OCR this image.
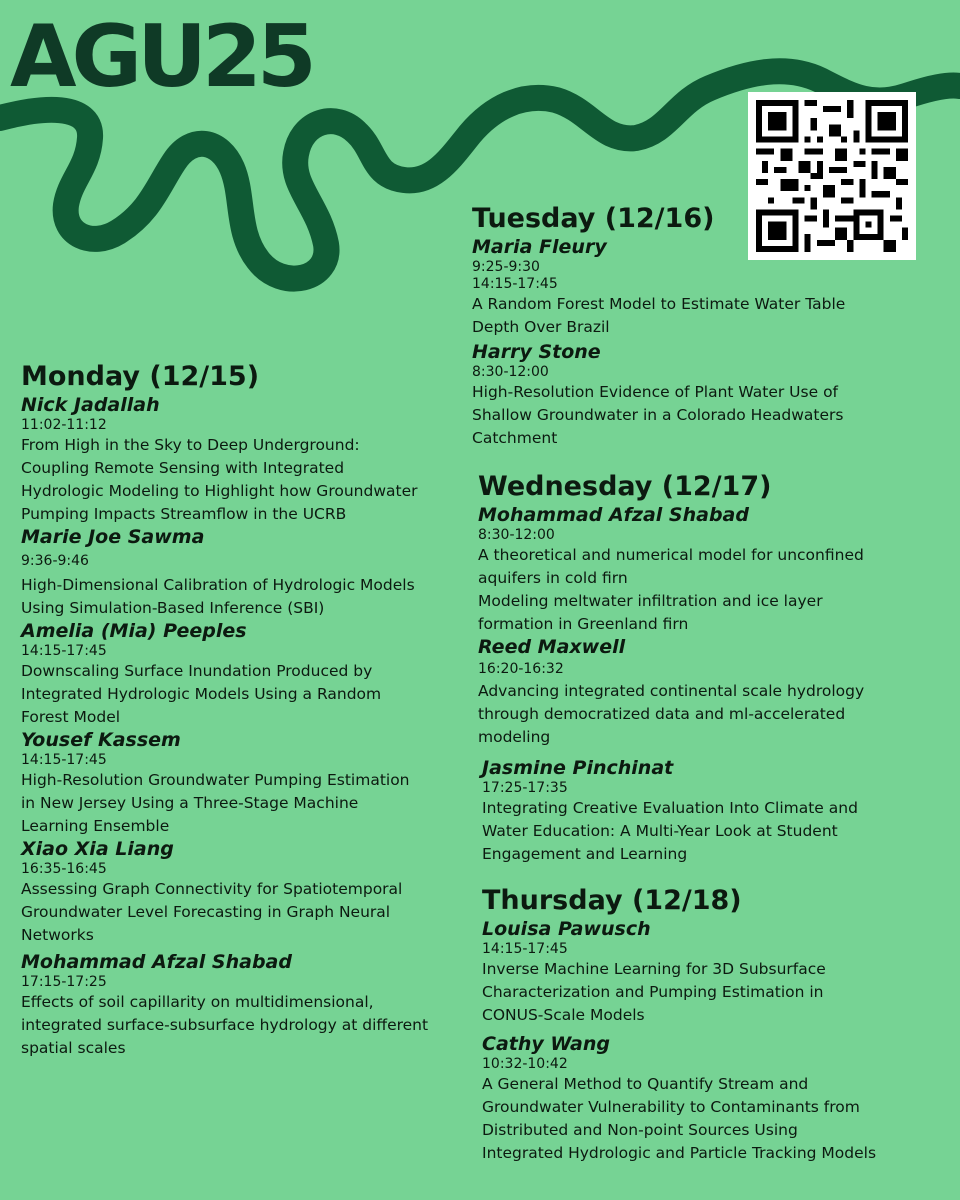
AGU25
Tuesday (12/16)
Maria Fleury
9:25-9:30
14:15-17:45
A Random Forest Model to Estimate Water Table
Depth Over Brazil
Harry Stone
8:30-12:00
High-Resolution Evidence of Plant Water Use of
Shallow Groundwater in a Colorado Headwaters
Catchment
Monday (12/15)
Nick Jadallah
11:02-11:12
From High in the Sky to Deep Underground:
Coupling Remote Sensing with Integrated
Hydrologic Modeling to Highlight how Groundwater
Pumping Impacts Streamflow in the UCRB
Marie Joe Sawma
9:36-9:46
High-Dimensional Calibration of Hydrologic Models
Using Simulation-Based Inference (SBI)
Amelia (Mia) Peeples
14:15-17:45
Downscaling Surface Inundation Produced by
Integrated Hydrologic Models Using a Random
Forest Model
Yousef Kassem
14:15-17:45
High-Resolution Groundwater Pumping Estimation
in New Jersey Using a Three-Stage Machine
Learning Ensemble
Xiao Xia Liang
16:35-16:45
Assessing Graph Connectivity for Spatiotemporal
Groundwater Level Forecasting in Graph Neural
Networks
Mohammad Afzal Shabad
17:15-17:25
Effects of soil capillarity on multidimensional,
integrated surface-subsurface hydrology at different
spatial scales
Wednesday (12/17)
Mohammad Afzal Shabad
8:30-12:00
A theoretical and numerical model for unconfined
aquifers in cold firn
Modeling meltwater infiltration and ice layer
formation in Greenland firn
Reed Maxwell
16:20-16:32
Advancing integrated continental scale hydrology
through democratized data and ml-accelerated
modeling
Jasmine Pinchinat
17:25-17:35
Integrating Creative Evaluation Into Climate and
Water Education: A Multi-Year Look at Student
Engagement and Learning
Thursday (12/18)
Louisa Pawusch
14:15-17:45
Inverse Machine Learning for 3D Subsurface
Characterization and Pumping Estimation in
CONUS-Scale Models
Cathy Wang
10:32-10:42
A General Method to Quantify Stream and
Groundwater Vulnerability to Contaminants from
Distributed and Non-point Sources Using
Integrated Hydrologic and Particle Tracking Models
